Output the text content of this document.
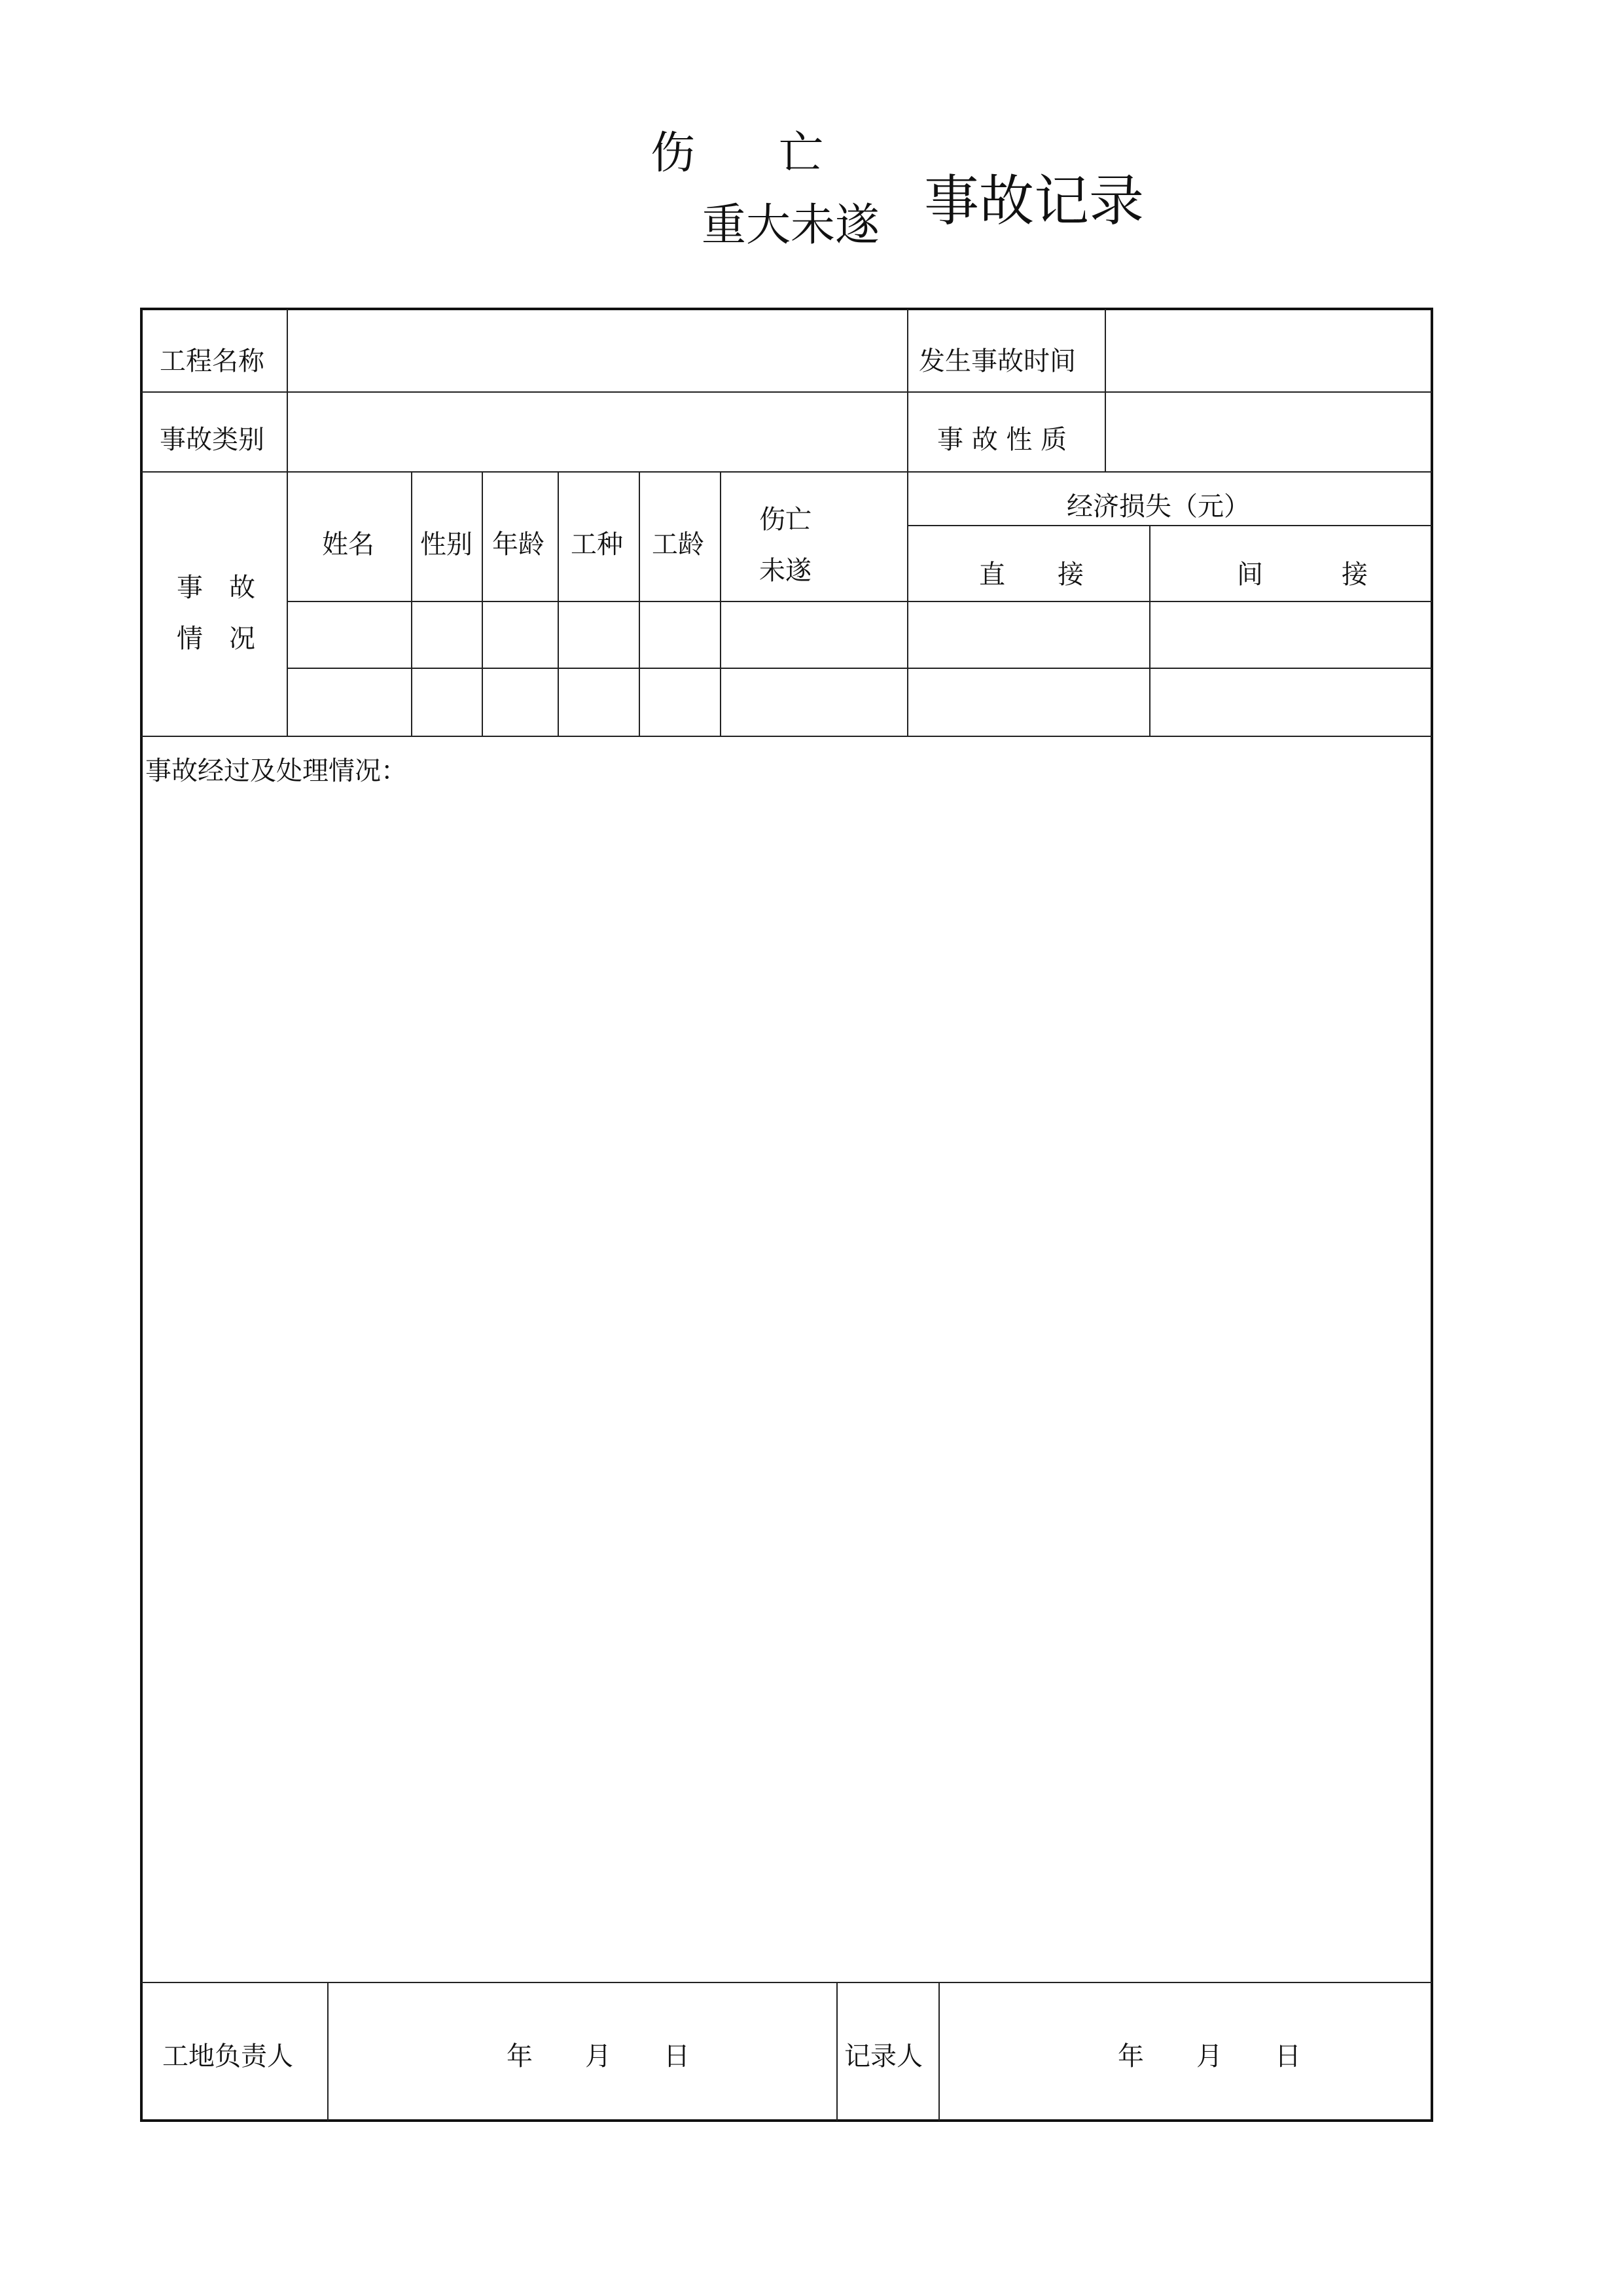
伤 亡
重大未遂 事故记录
工程名称	发生事故时间
事故类别	事 故 性 质
事　故
情　况
姓名 性别 年龄 工种 工龄
伤亡
未遂
经济损失（元）
直　　接	间　　　接
事故经过及处理情况：
工地负责人	年　　月　　日	记录人	年　　月　　日
